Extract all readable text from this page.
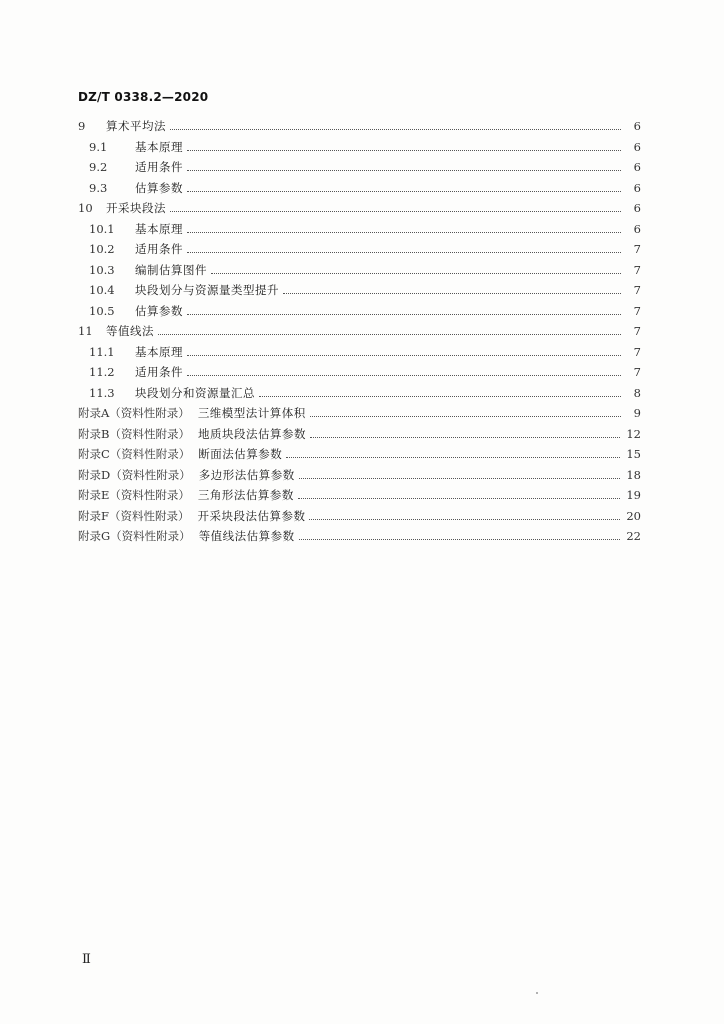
DZ/T 0338.2—2020
9	算术平均法	6
9.1	基本原理	6
9.2	适用条件	6
9.3	估算参数	6
10	开采块段法	6
10.1	基本原理	6
10.2	适用条件	7
10.3	编制估算图件	7
10.4	块段划分与资源量类型提升	7
10.5	估算参数	7
11	等值线法	7
11.1	基本原理	7
11.2	适用条件	7
11.3	块段划分和资源量汇总	8
附录A（资料性附录） 三维模型法计算体积	9
附录B（资料性附录） 地质块段法估算参数	12
附录C（资料性附录） 断面法估算参数	15
附录D（资料性附录） 多边形法估算参数	18
附录E（资料性附录） 三角形法估算参数	19
附录F（资料性附录） 开采块段法估算参数	20
附录G（资料性附录） 等值线法估算参数	22
Ⅱ
